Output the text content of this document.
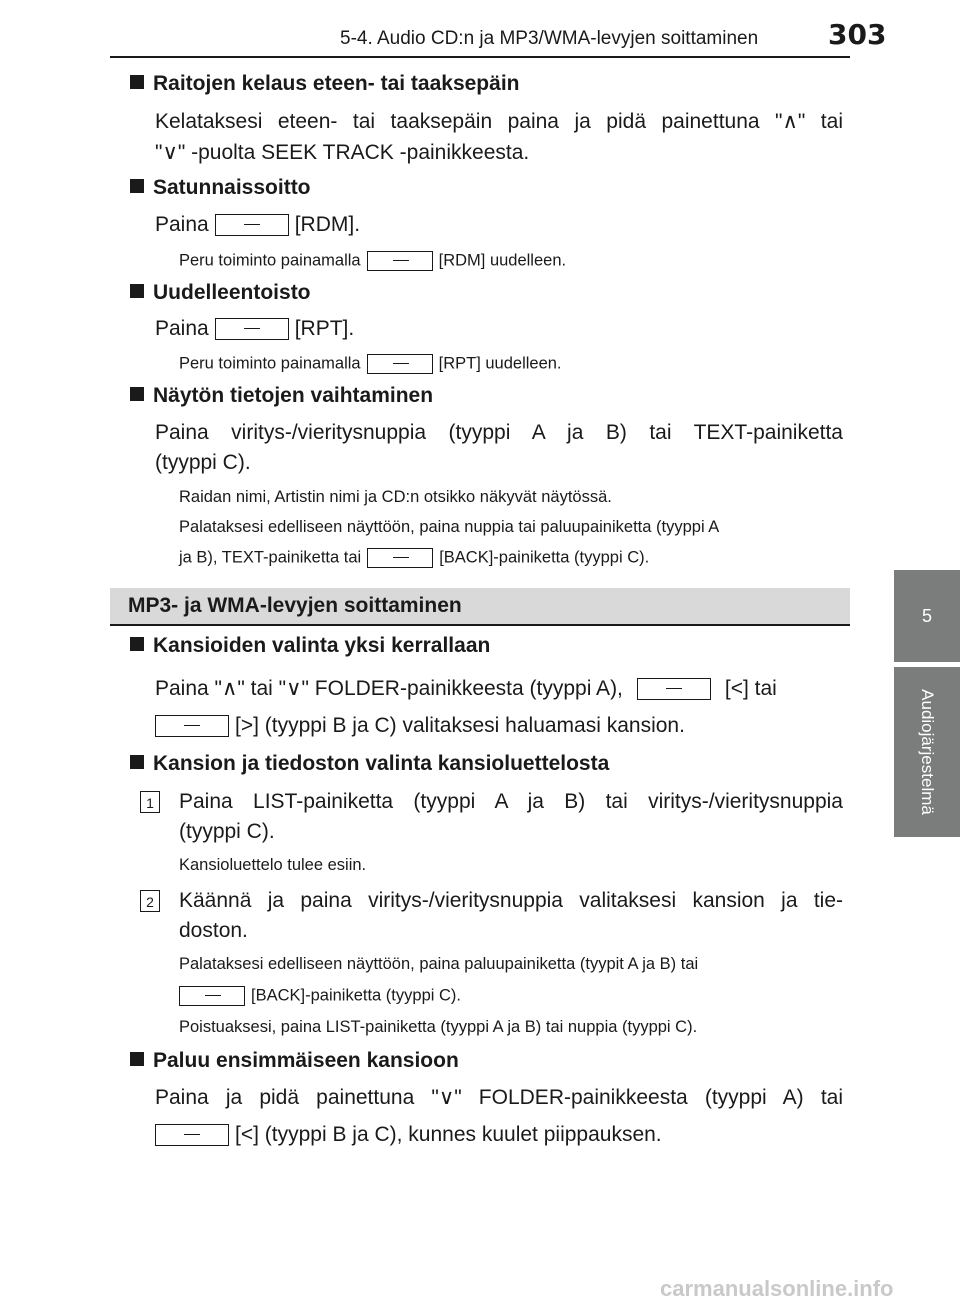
5-4. Audio CD:n ja MP3/WMA-levyjen soittaminen 303
5
Audiojärjestelmä
Raitojen kelaus eteen- tai taaksepäin
Kelataksesi eteen- tai taaksepäin paina ja pidä painettuna "∧" tai
"∨" -puolta SEEK TRACK -painikkeesta.
Satunnaissoitto
Paina	[RDM].
Peru toiminto painamalla	[RDM] uudelleen.
Uudelleentoisto
Paina	[RPT].
Peru toiminto painamalla	[RPT] uudelleen.
Näytön tietojen vaihtaminen
Paina viritys-/vieritysnuppia (tyyppi A ja B) tai TEXT-painiketta
(tyyppi C).
Raidan nimi, Artistin nimi ja CD:n otsikko näkyvät näytössä.
Palataksesi edelliseen näyttöön, paina nuppia tai paluupainiketta (tyyppi A
ja B), TEXT-painiketta tai	[BACK]-painiketta (tyyppi C).
MP3- ja WMA-levyjen soittaminen
Kansioiden valinta yksi kerrallaan
Paina "∧" tai "∨" FOLDER-painikkeesta (tyyppi A),	[<] tai
[>] (tyyppi B ja C) valitaksesi haluamasi kansion.
Kansion ja tiedoston valinta kansioluettelosta
1 Paina LIST-painiketta (tyyppi A ja B) tai viritys-/vieritysnuppia
(tyyppi C).
Kansioluettelo tulee esiin.
2 Käännä ja paina viritys-/vieritysnuppia valitaksesi kansion ja tie-
doston.
Palataksesi edelliseen näyttöön, paina paluupainiketta (tyypit A ja B) tai
[BACK]-painiketta (tyyppi C).
Poistuaksesi, paina LIST-painiketta (tyyppi A ja B) tai nuppia (tyyppi C).
Paluu ensimmäiseen kansioon
Paina ja pidä painettuna "∨" FOLDER-painikkeesta (tyyppi A) tai
[<] (tyyppi B ja C), kunnes kuulet piippauksen.
carmanualsonline.info
